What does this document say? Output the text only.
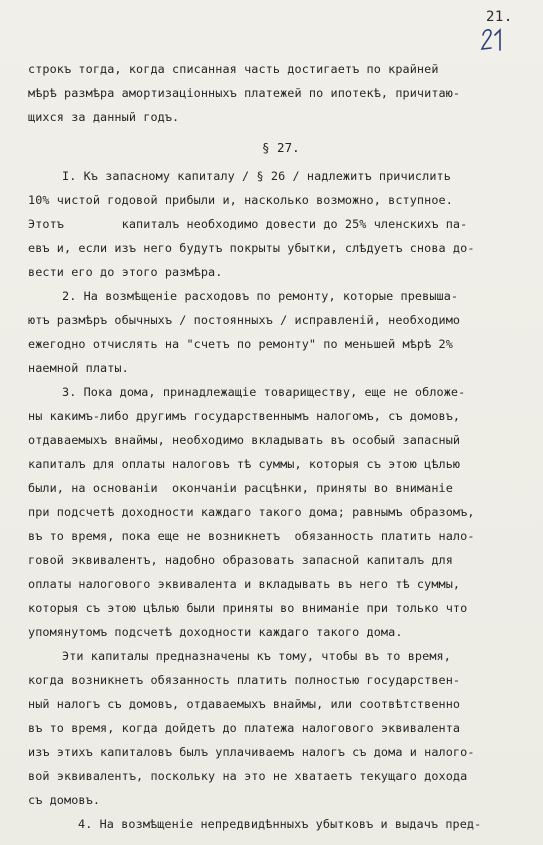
21.
строкъ тогда, когда списанная часть достигаетъ по крайней
мѣрѣ размѣра амортизаціонныхъ платежей по ипотекѣ, причитаю-
щихся за данный годъ.
§ 27.
I. Къ запасному капиталу / § 26 / надлежитъ причислить
10% чистой годовой прибыли и, насколько возможно, вступное.
Этотъ        капиталъ необходимо довести до 25% членскихъ па-
евъ и, если изъ него будутъ покрыты убытки, слѣдуетъ снова до-
вести его до этого размѣра.
2. На возмѣщеніе расходовъ по ремонту, которые превыша-
ютъ размѣръ обычныхъ / постоянныхъ / исправленій, необходимо
ежегодно отчислять на "счетъ по ремонту" по меньшей мѣрѣ 2%
наемной платы.
3. Пока дома, принадлежащіе товариществу, еще не обложе-
ны какимъ-либо другимъ государственнымъ налогомъ, съ домовъ,
отдаваемыхъ внаймы, необходимо вкладывать въ особый запасный
капиталъ для оплаты налоговъ тѣ суммы, которыя съ этою цѣлью
были, на основаніи  окончаніи расцѣнки, приняты во вниманіе
при подсчетѣ доходности каждаго такого дома; равнымъ образомъ,
въ то время, пока еще не возникнетъ  обязанность платить нало-
говой эквивалентъ, надобно образовать запасной капиталъ для
оплаты налогового эквивалента и вкладывать въ него тѣ суммы,
которыя съ этою цѣлью были приняты во вниманіе при только что
упомянутомъ подсчетѣ доходности каждаго такого дома.
Эти капиталы предназначены къ тому, чтобы въ то время,
когда возникнетъ обязанность платить полностью государствен-
ный налогъ съ домовъ, отдаваемыхъ внаймы, или соотвѣтственно
въ то время, когда дойдетъ до платежа налогового эквивалента
изъ этихъ капиталовъ былъ уплачиваемъ налогъ съ дома и налого-
вой эквивалентъ, поскольку на это не хватаетъ текущаго дохода
съ домовъ.
4. На возмѣщеніе непредвидѣнныхъ убытковъ и выдачъ пред-
